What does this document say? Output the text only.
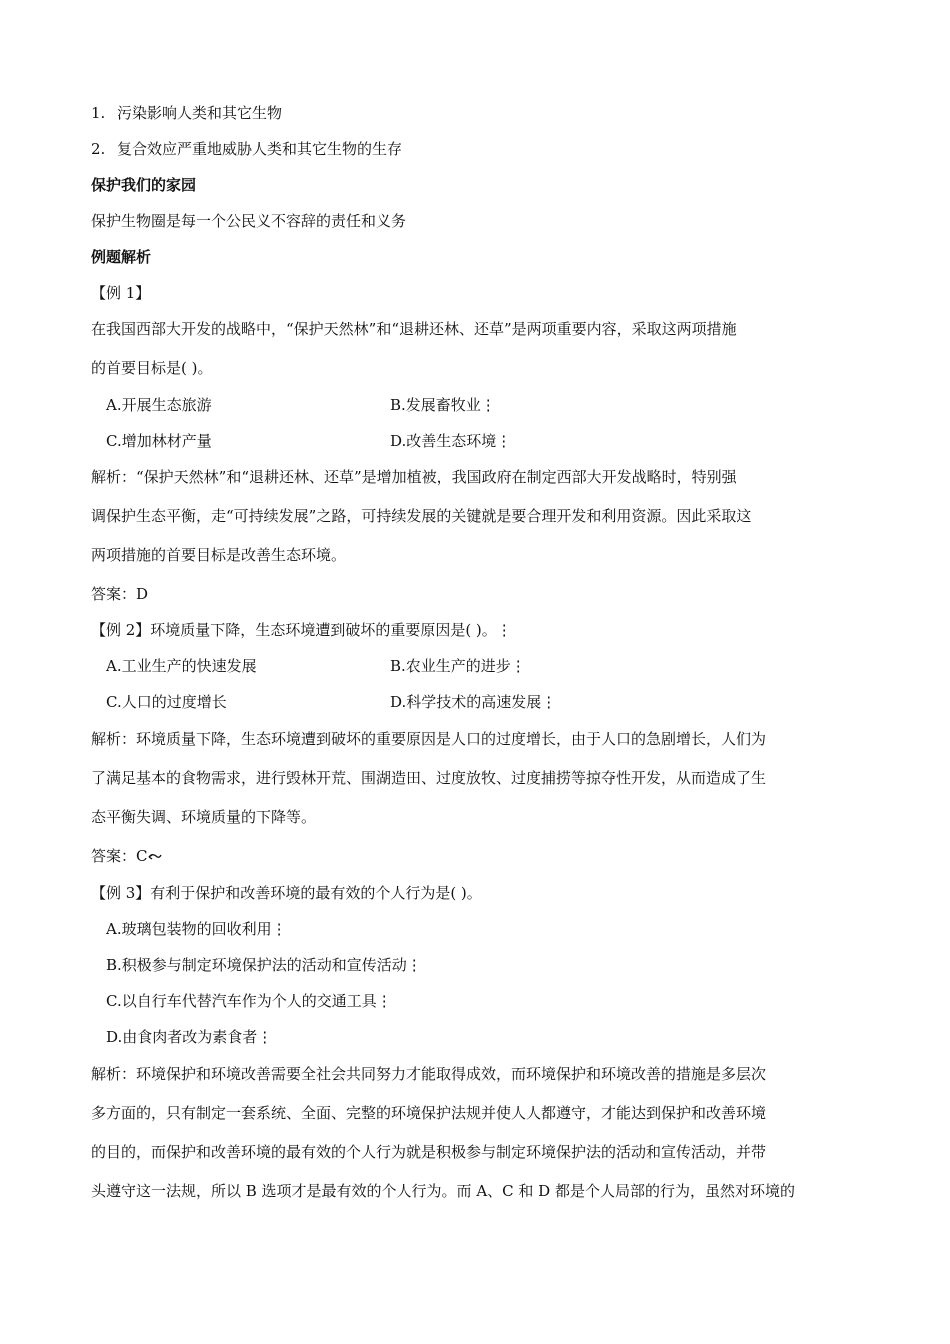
1. 污染影响人类和其它生物
2. 复合效应严重地威胁人类和其它生物的生存
保护我们的家园
保护生物圈是每一个公民义不容辞的责任和义务
例题解析
【例 1】
在我国西部大开发的战略中，“保护天然林”和“退耕还林、还草”是两项重要内容，采取这两项措施
的首要目标是( )。
A.开展生态旅游	B.发展畜牧业⋮
C.增加林材产量	D.改善生态环境⋮
解析：“保护天然林”和“退耕还林、还草”是增加植被，我国政府在制定西部大开发战略时，特别强
调保护生态平衡，走“可持续发展”之路，可持续发展的关键就是要合理开发和利用资源。因此采取这
两项措施的首要目标是改善生态环境。
答案：D
【例 2】环境质量下降，生态环境遭到破坏的重要原因是( )。⋮
A.工业生产的快速发展	B.农业生产的进步⋮
C.人口的过度增长	D.科学技术的高速发展⋮
解析：环境质量下降，生态环境遭到破坏的重要原因是人口的过度增长，由于人口的急剧增长，人们为
了满足基本的食物需求，进行毁林开荒、围湖造田、过度放牧、过度捕捞等掠夺性开发，从而造成了生
态平衡失调、环境质量的下降等。
答案：C
【例 3】有利于保护和改善环境的最有效的个人行为是( )。
A.玻璃包装物的回收利用⋮
B.积极参与制定环境保护法的活动和宣传活动⋮
C.以自行车代替汽车作为个人的交通工具⋮
D.由食肉者改为素食者⋮
解析：环境保护和环境改善需要全社会共同努力才能取得成效，而环境保护和环境改善的措施是多层次
多方面的，只有制定一套系统、全面、完整的环境保护法规并使人人都遵守，才能达到保护和改善环境
的目的，而保护和改善环境的最有效的个人行为就是积极参与制定环境保护法的活动和宣传活动，并带
头遵守这一法规，所以 B 选项才是最有效的个人行为。而 A、C 和 D 都是个人局部的行为，虽然对环境的
